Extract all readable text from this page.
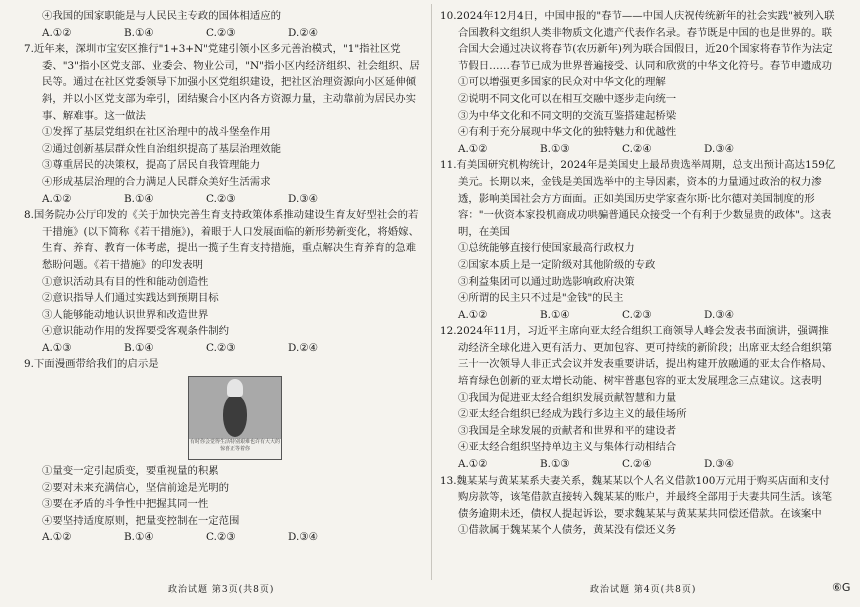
④我国的国家职能是与人民民主专政的国体相适应的
A.①②	B.①④	C.②③	D.②④
7.近年来，深圳市宝安区推行"1+3+N"党建引领小区多元善治模式，"1"指社区党委、"3"指小区党支部、业委会、物业公司，"N"指小区内经济组织、社会组织、居民等。通过在社区党委领导下加强小区党组织建设，把社区治理资源向小区延伸倾斜，并以小区党支部为牵引，团结聚合小区内各方资源力量，主动靠前为居民办实事、解难事。这一做法
①发挥了基层党组织在社区治理中的战斗堡垒作用
②通过创新基层群众性自治组织提高了基层治理效能
③尊重居民的决策权，提高了居民自我管理能力
④形成基层治理的合力满足人民群众美好生活需求
A.①②	B.①④	C.②③	D.③④
8.国务院办公厅印发的《关于加快完善生育支持政策体系推动建设生育友好型社会的若干措施》(以下简称《若干措施》)，着眼于人口发展面临的新形势新变化，将婚嫁、生育、养育、教育一体考虑，提出一揽子生育支持措施，重点解决生育养育的急难愁盼问题。《若干措施》的印发表明
①意识活动具有目的性和能动创造性
②意识指导人们通过实践达到预期目标
③人能够能动地认识世界和改造世界
④意识能动作用的发挥要受客观条件制约
A.①③	B.①④	C.②③	D.②④
9.下面漫画带给我们的启示是
有时你会觉得生活特别艰难也许有大大的惊喜正等着你
①量变一定引起质变，要重视量的积累
②要对未来充满信心，坚信前途是光明的
③要在矛盾的斗争性中把握其同一性
④要坚持适度原则，把量变控制在一定范围
A.①②	B.①④	C.②③	D.③④
10.2024年12月4日，中国申报的"春节——中国人庆祝传统新年的社会实践"被列入联合国教科文组织人类非物质文化遗产代表作名录。春节既是中国的也是世界的。联合国大会通过决议将春节(农历新年)列为联合国假日，近20个国家将春节作为法定节假日……春节已成为世界普遍接受、认同和欣赏的中华文化符号。春节申遗成功
①可以增强更多国家的民众对中华文化的理解
②说明不同文化可以在相互交融中逐步走向统一
③为中华文化和不同文明的交流互鉴搭建起桥梁
④有利于充分展现中华文化的独特魅力和优越性
A.①②	B.①③	C.②④	D.③④
11.有美国研究机构统计，2024年是美国史上最昂贵选举周期，总支出预计高达159亿美元。长期以来，金钱是美国选举中的主导因素，资本的力量通过政治的权力渗透，影响美国社会方方面面。正如美国历史学家查尔斯·比尔德对美国制度的形容："一伙资本家投机商成功哄骗普通民众接受一个有利于少数显贵的政体"。这表明，在美国
①总统能够直接行使国家最高行政权力
②国家本质上是一定阶级对其他阶级的专政
③利益集团可以通过助选影响政府决策
④所谓的民主只不过是"金钱"的民主
A.①②	B.①④	C.②③	D.③④
12.2024年11月，习近平主席向亚太经合组织工商领导人峰会发表书面演讲，强调推动经济全球化进入更有活力、更加包容、更可持续的新阶段；出席亚太经合组织第三十一次领导人非正式会议并发表重要讲话，提出构建开放融通的亚太合作格局、培育绿色创新的亚太增长动能、树牢普惠包容的亚太发展理念三点建议。这表明
①我国为促进亚太经合组织发展贡献智慧和力量
②亚太经合组织已经成为践行多边主义的最佳场所
③我国是全球发展的贡献者和世界和平的建设者
④亚太经合组织坚持单边主义与集体行动相结合
A.①②	B.①③	C.②④	D.③④
13.魏某某与黄某某系夫妻关系，魏某某以个人名义借款100万元用于购买店面和支付购房款等，该笔借款直接转入魏某某的账户，并最终全部用于夫妻共同生活。该笔债务逾期未还，债权人提起诉讼，要求魏某某与黄某某共同偿还借款。在该案中
①借款属于魏某某个人债务，黄某没有偿还义务
政治试题 第3页(共8页)	政治试题 第4页(共8页)	⑥G
